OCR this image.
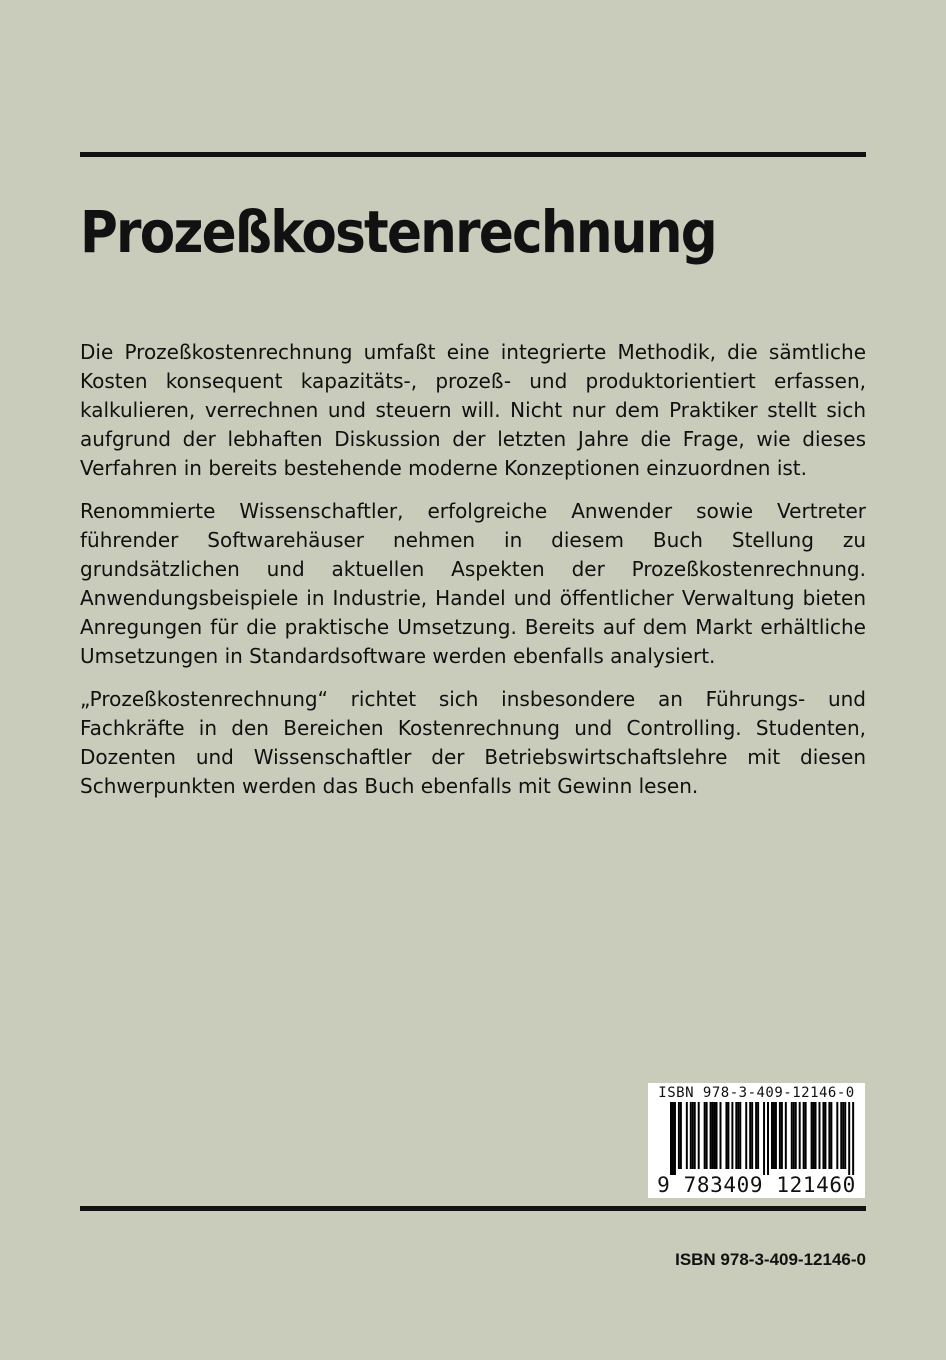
Prozeßkostenrechnung

Die Prozeßkostenrechnung umfaßt eine integrierte Methodik, die sämtliche Kosten konsequent kapazitäts-, prozeß- und produktorientiert erfassen, kalkulieren, verrechnen und steuern will. Nicht nur dem Praktiker stellt sich aufgrund der lebhaften Diskussion der letzten Jahre die Frage, wie dieses Verfahren in bereits bestehende moderne Konzeptionen einzuordnen ist.

Renommierte Wissenschaftler, erfolgreiche Anwender sowie Vertreter führender Softwarehäuser nehmen in diesem Buch Stellung zu grundsätzlichen und aktuellen Aspekten der Prozeßkostenrechnung. Anwendungsbeispiele in Industrie, Handel und öffentlicher Verwaltung bieten Anregungen für die praktische Umsetzung. Bereits auf dem Markt erhältliche Umsetzungen in Standardsoftware werden ebenfalls analysiert.

„Prozeßkostenrechnung“ richtet sich insbesondere an Führungs- und Fachkräfte in den Bereichen Kostenrechnung und Controlling. Studenten, Dozenten und Wissenschaftler der Betriebswirtschaftslehre mit diesen Schwerpunkten werden das Buch ebenfalls mit Gewinn lesen.

ISBN 978-3-409-12146-0
9 783409 121460
ISBN 978-3-409-12146-0
